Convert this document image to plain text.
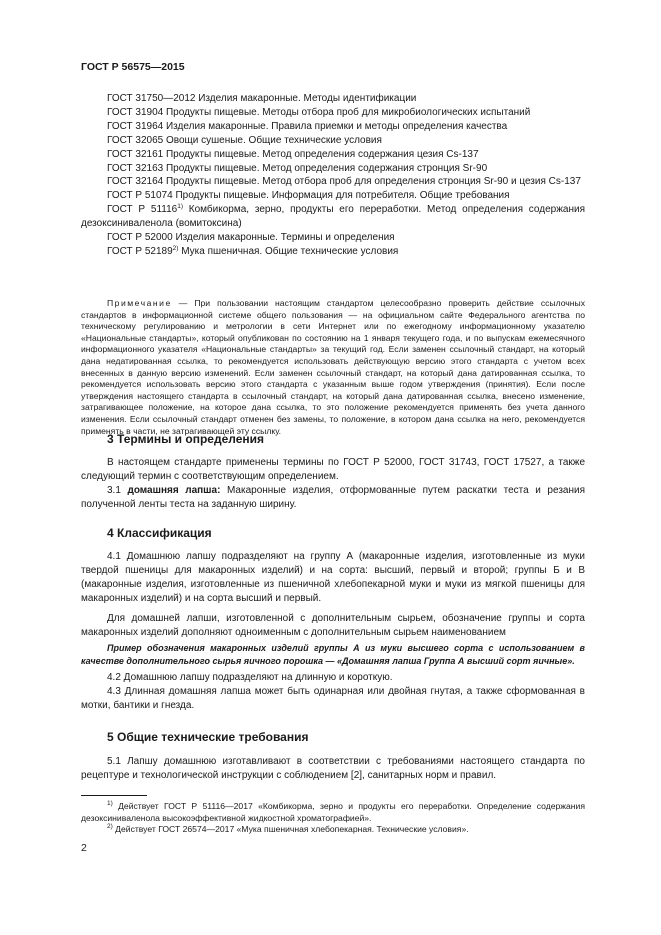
ГОСТ Р 56575—2015

ГОСТ 31750—2012 Изделия макаронные. Методы идентификации

ГОСТ 31904 Продукты пищевые. Методы отбора проб для микробиологических испытаний

ГОСТ 31964 Изделия макаронные. Правила приемки и методы определения качества

ГОСТ 32065 Овощи сушеные. Общие технические условия

ГОСТ 32161 Продукты пищевые. Метод определения содержания цезия Cs-137

ГОСТ 32163 Продукты пищевые. Метод определения содержания стронция Sr-90

ГОСТ 32164 Продукты пищевые. Метод отбора проб для определения стронция Sr-90 и цезия Cs-137

ГОСТ Р 51074 Продукты пищевые. Информация для потребителя. Общие требования

ГОСТ Р 51116$^{1)}$ Комбикорма, зерно, продукты его переработки. Метод определения содержания дезоксиниваленола (вомитоксина)

ГОСТ Р 52000 Изделия макаронные. Термины и определения

ГОСТ Р 52189$^{2)}$ Мука пшеничная. Общие технические условия

Примечание — При пользовании настоящим стандартом целесообразно проверить действие ссылочных стандартов в информационной системе общего пользования — на официальном сайте Федерального агентства по техническому регулированию и метрологии в сети Интернет или по ежегодному информационному указателю «Национальные стандарты», который опубликован по состоянию на 1 января текущего года, и по выпускам ежемесячного информационного указателя «Национальные стандарты» за текущий год. Если заменен ссылочный стандарт, на который дана недатированная ссылка, то рекомендуется использовать действующую версию этого стандарта с учетом всех внесенных в данную версию изменений. Если заменен ссылочный стандарт, на который дана датированная ссылка, то рекомендуется использовать версию этого стандарта с указанным выше годом утверждения (принятия). Если после утверждения настоящего стандарта в ссылочный стандарт, на который дана датированная ссылка, внесено изменение, затрагивающее положение, на которое дана ссылка, то это положение рекомендуется применять без учета данного изменения. Если ссылочный стандарт отменен без замены, то положение, в котором дана ссылка на него, рекомендуется применять в части, не затрагивающей эту ссылку.

3 Термины и определения

В настоящем стандарте применены термины по ГОСТ Р 52000, ГОСТ 31743, ГОСТ 17527, а также следующий термин с соответствующим определением.

3.1 домашняя лапша: Макаронные изделия, отформованные путем раскатки теста и резания полученной ленты теста на заданную ширину.

4 Классификация

4.1 Домашнюю лапшу подразделяют на группу А (макаронные изделия, изготовленные из муки твердой пшеницы для макаронных изделий) и на сорта: высший, первый и второй; группы Б и В (макаронные изделия, изготовленные из пшеничной хлебопекарной муки и муки из мягкой пшеницы для макаронных изделий) и на сорта высший и первый.

Для домашней лапши, изготовленной с дополнительным сырьем, обозначение группы и сорта макаронных изделий дополняют одноименным с дополнительным сырьем наименованием

Пример обозначения макаронных изделий группы А из муки высшего сорта с использованием в качестве дополнительного сырья яичного порошка — «Домашняя лапша Группа А высший сорт яичные».

4.2 Домашнюю лапшу подразделяют на длинную и короткую.

4.3 Длинная домашняя лапша может быть одинарная или двойная гнутая, а также сформованная в мотки, бантики и гнезда.

5 Общие технические требования

5.1 Лапшу домашнюю изготавливают в соответствии с требованиями настоящего стандарта по рецептуре и технологической инструкции с соблюдением [2], санитарных норм и правил.

$^{1)}$ Действует ГОСТ Р 51116—2017 «Комбикорма, зерно и продукты его переработки. Определение содержания дезоксиниваленола высокоэффективной жидкостной хроматографией».

$^{2)}$ Действует ГОСТ 26574—2017 «Мука пшеничная хлебопекарная. Технические условия».

2
